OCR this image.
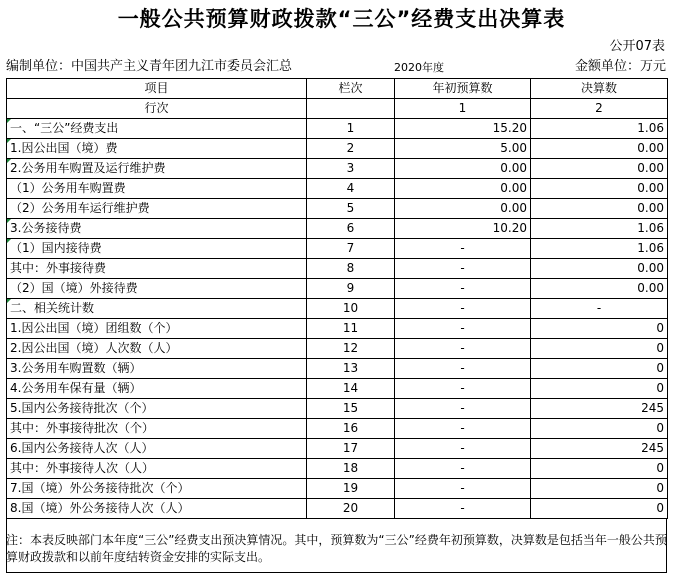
一般公共预算财政拨款“三公”经费支出决算表
公开07表
编制单位：中国共产主义青年团九江市委员会汇总	2020年度	金额单位：万元
项目	栏次	年初预算数	决算数
行次		1	2
一、“三公”经费支出	1	15.20	1.06
1.因公出国（境）费	2	5.00	0.00
2.公务用车购置及运行维护费	3	0.00	0.00
（1）公务用车购置费	4	0.00	0.00
（2）公务用车运行维护费	5	0.00	0.00
3.公务接待费	6	10.20	1.06
（1）国内接待费	7	-	1.06
其中：外事接待费	8	-	0.00
（2）国（境）外接待费	9	-	0.00
二、相关统计数	10	-	-
1.因公出国（境）团组数（个）	11	-	0
2.因公出国（境）人次数（人）	12	-	0
3.公务用车购置数（辆）	13	-	0
4.公务用车保有量（辆）	14	-	0
5.国内公务接待批次（个）	15	-	245
其中：外事接待批次（个）	16	-	0
6.国内公务接待人次（人）	17	-	245
其中：外事接待人次（人）	18	-	0
7.国（境）外公务接待批次（个）	19	-	0
8.国（境）外公务接待人次（人）	20	-	0
注：本表反映部门本年度“三公”经费支出预决算情况。其中，预算数为“三公”经费年初预算数，决算数是包括当年一般公共预算财政拨款和以前年度结转资金安排的实际支出。
